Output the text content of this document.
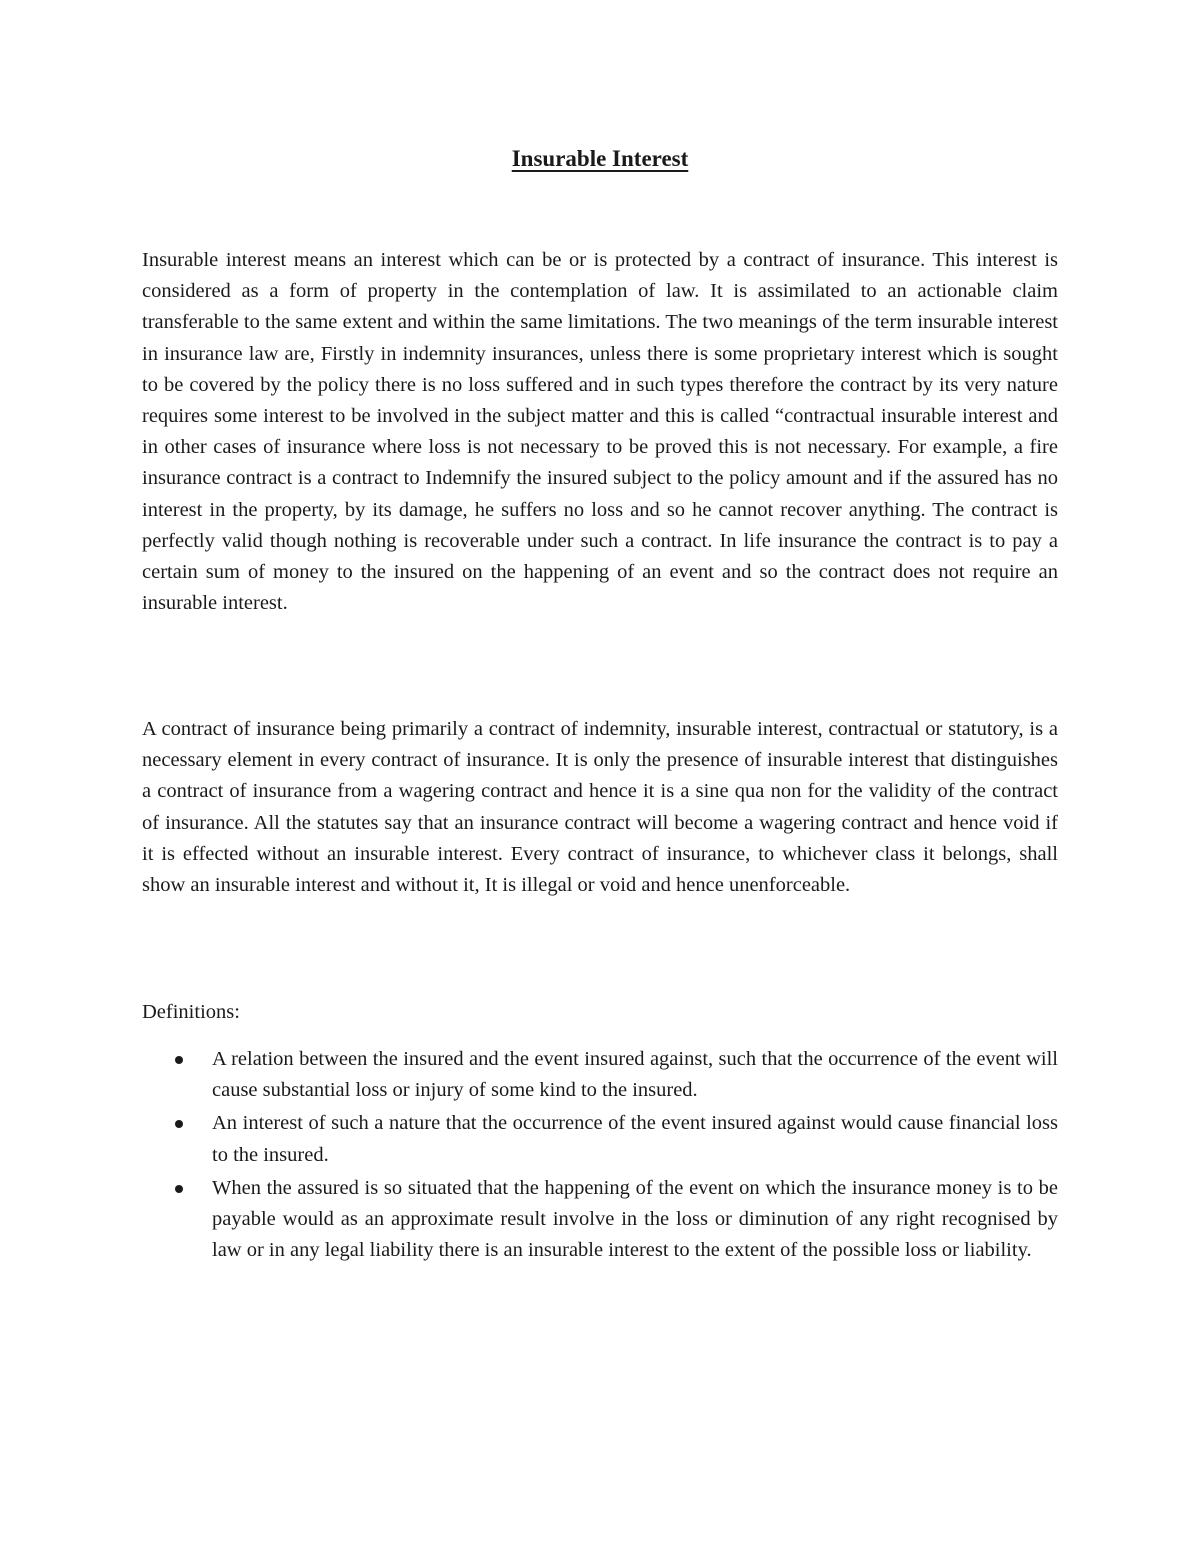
Insurable Interest

Insurable interest means an interest which can be or is protected by a contract of insurance. This interest is considered as a form of property in the contemplation of law. It is assimilated to an actionable claim transferable to the same extent and within the same limitations. The two meanings of the term insurable interest in insurance law are, Firstly in indemnity insurances, unless there is some proprietary interest which is sought to be covered by the policy there is no loss suffered and in such types therefore the contract by its very nature requires some interest to be involved in the subject matter and this is called “contractual insurable interest and in other cases of insurance where loss is not necessary to be proved this is not necessary. For example, a fire insurance contract is a contract to Indemnify the insured subject to the policy amount and if the assured has no interest in the property, by its damage, he suffers no loss and so he cannot recover anything. The contract is perfectly valid though nothing is recoverable under such a contract. In life insurance the contract is to pay a certain sum of money to the insured on the happening of an event and so the contract does not require an insurable interest.

A contract of insurance being primarily a contract of indemnity, insurable interest, contractual or statutory, is a necessary element in every contract of insurance. It is only the presence of insurable interest that distinguishes a contract of insurance from a wagering contract and hence it is a sine qua non for the validity of the contract of insurance. All the statutes say that an insurance contract will become a wagering contract and hence void if it is effected without an insurable interest. Every contract of insurance, to whichever class it belongs, shall show an insurable interest and without it, It is illegal or void and hence unenforceable.

Definitions:

A relation between the insured and the event insured against, such that the occurrence of the event will cause substantial loss or injury of some kind to the insured.
An interest of such a nature that the occurrence of the event insured against would cause financial loss to the insured.
When the assured is so situated that the happening of the event on which the insurance money is to be payable would as an approximate result involve in the loss or diminution of any right recognised by law or in any legal liability there is an insurable interest to the extent of the possible loss or liability.
